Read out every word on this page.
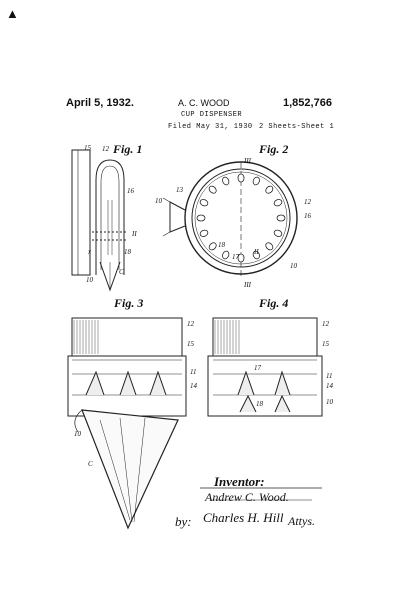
▲
April 5, 1932.	A. C. WOOD	1,852,766
CUP DISPENSER
Filed May 31, 1930 2 Sheets-Sheet 1
Fig. 1	Fig. 2
Fig. 3	Fig. 4
15 12
16
II
18
x
10
C
III
13
10	12
16
18
17
II
10
III
12
15
11
14
10
C
12
15
17
11
14
18	10
Inventor:
Andrew C. Wood.
by: Charles H. Hill Attys.
